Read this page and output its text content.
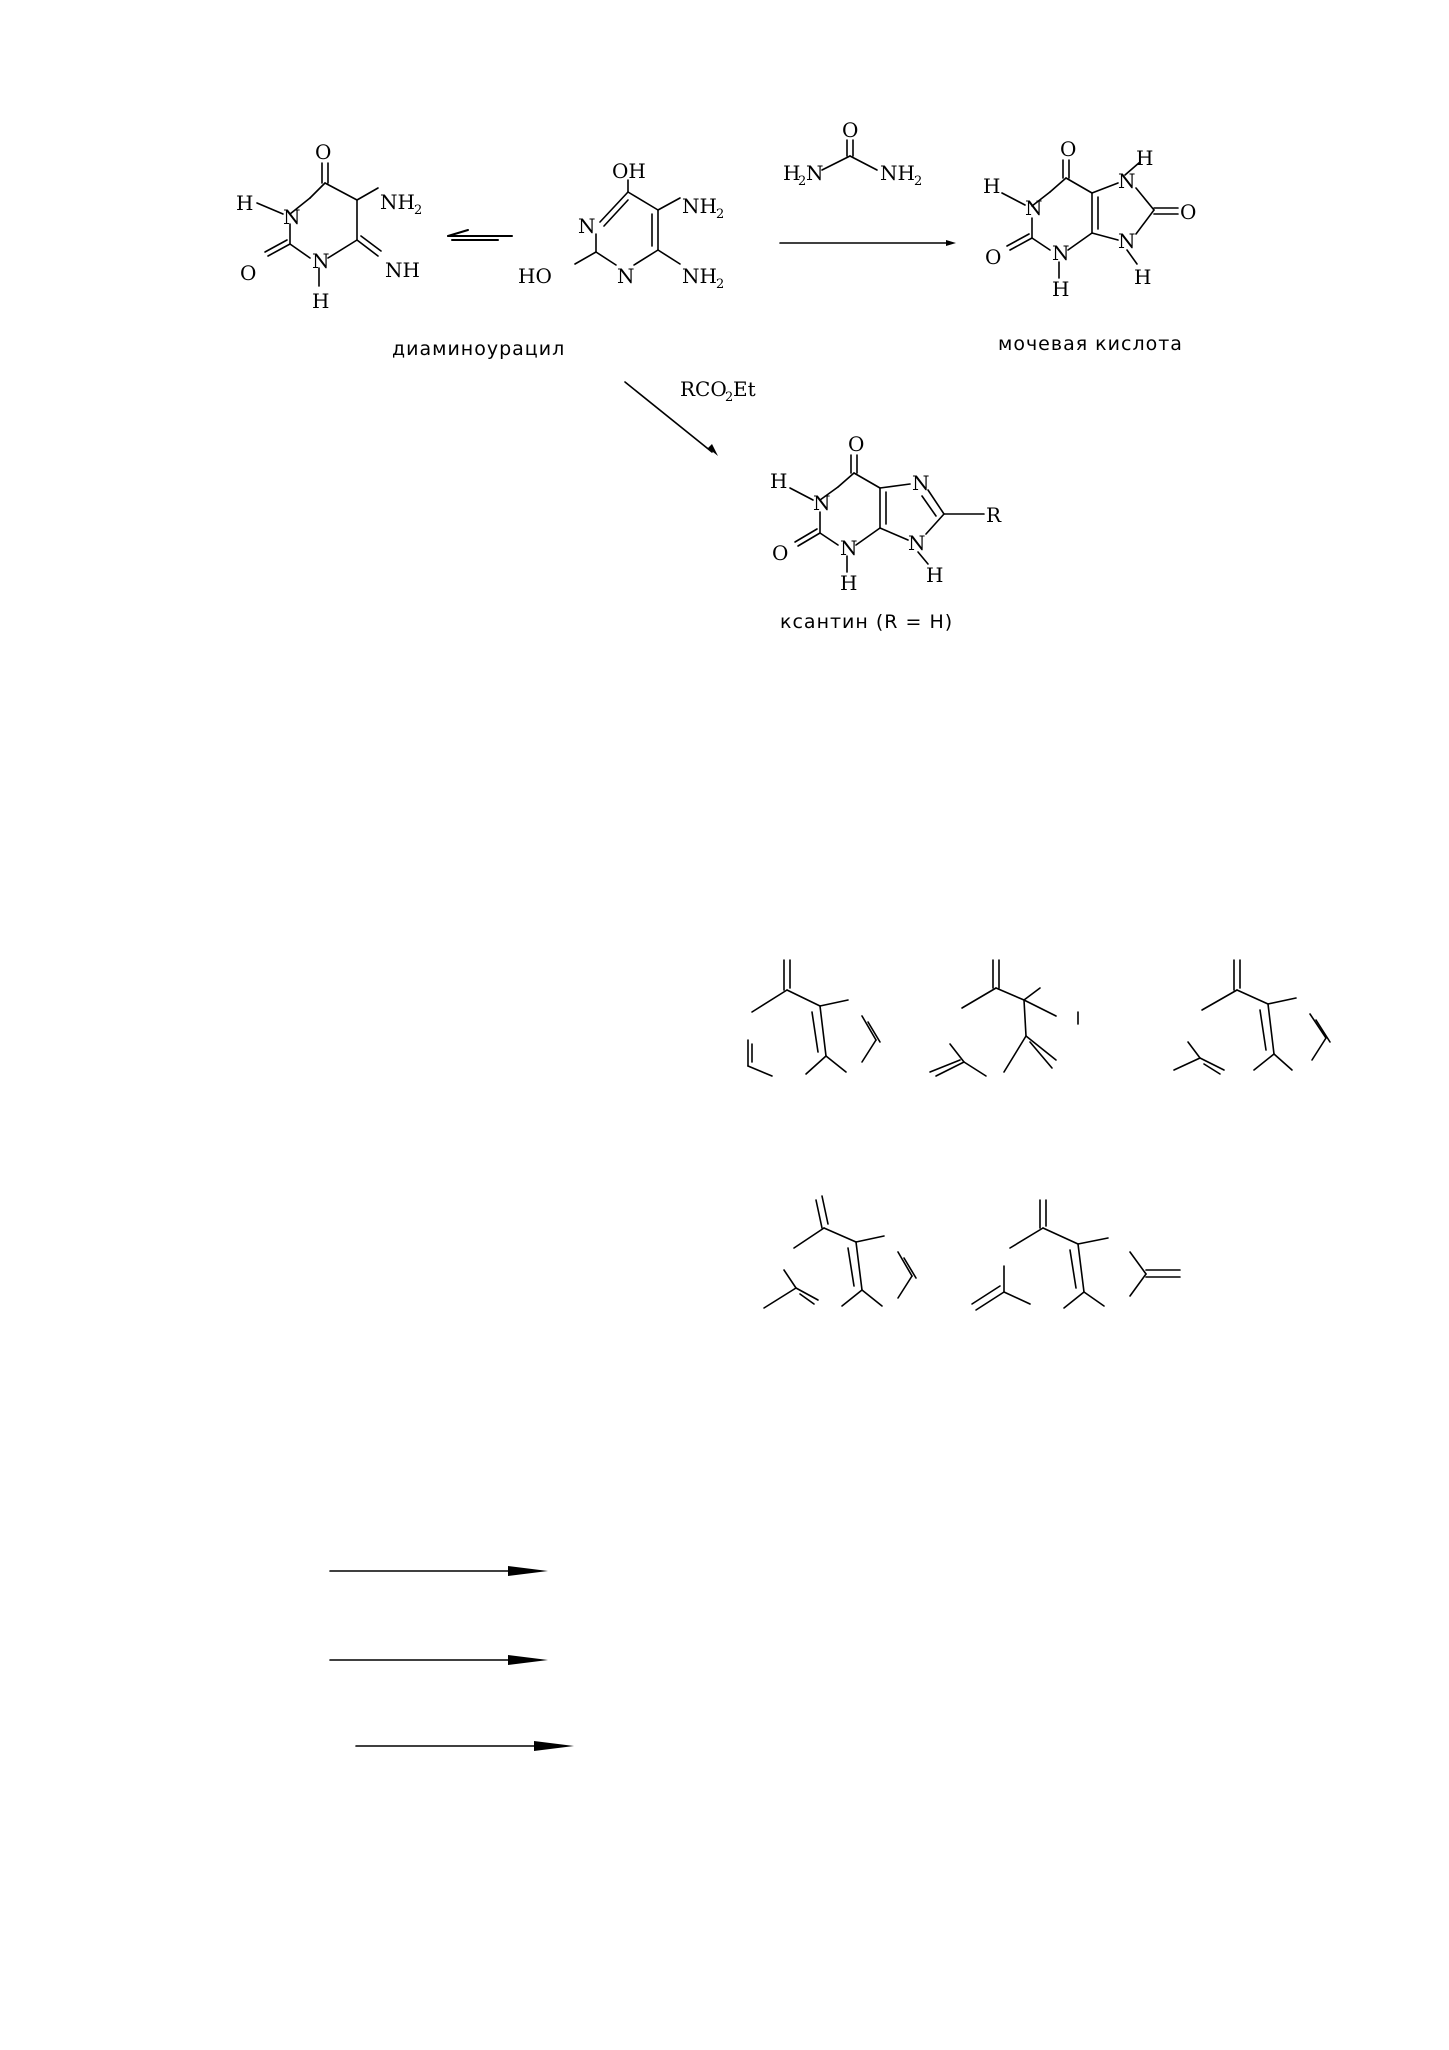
O
H
N
NH 2
O	N	NH
H
OH
NH 2
N
HO	N NH 2
H
2 N
O
NH 2
O
H
N
O	N
H
H
N
O
N
H
диаминоурацил	мочевая кислота
RCO
2 Et
O
H
N
O	N
H
N
R
N
H
ксантин (R = H)
